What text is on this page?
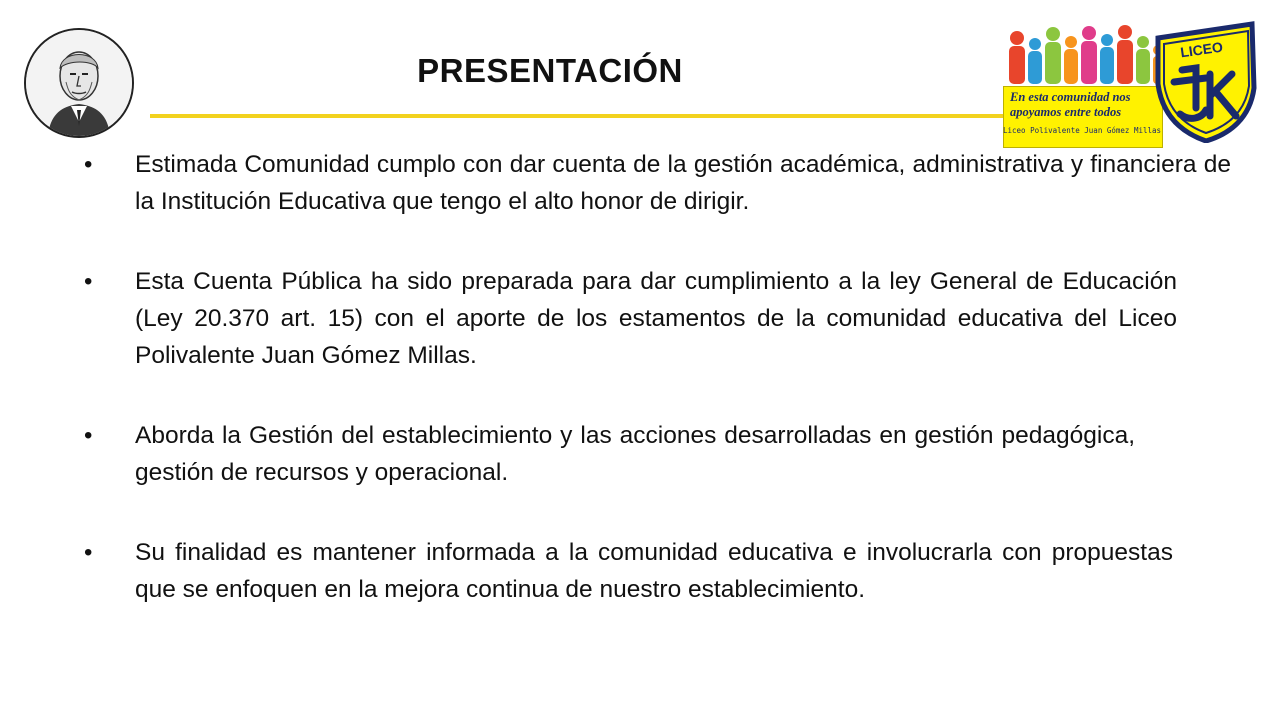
PRESENTACIÓN
En esta comunidad nos
apoyamos entre todos
Liceo Polivalente Juan Gómez Millas
LICEO
• Estimada Comunidad cumplo con dar cuenta de la gestión académica, administrativa y financiera de la Institución Educativa que tengo el alto honor de dirigir.
• Esta Cuenta Pública ha sido preparada para dar cumplimiento a la ley General de Educación (Ley 20.370 art. 15) con el aporte de los estamentos de la comunidad educativa del Liceo Polivalente Juan Gómez Millas.
• Aborda la Gestión del establecimiento y las acciones desarrolladas en gestión pedagógica, gestión de recursos y operacional.
• Su finalidad es mantener informada a la comunidad educativa e involucrarla con propuestas que se enfoquen en la mejora continua de nuestro establecimiento.
